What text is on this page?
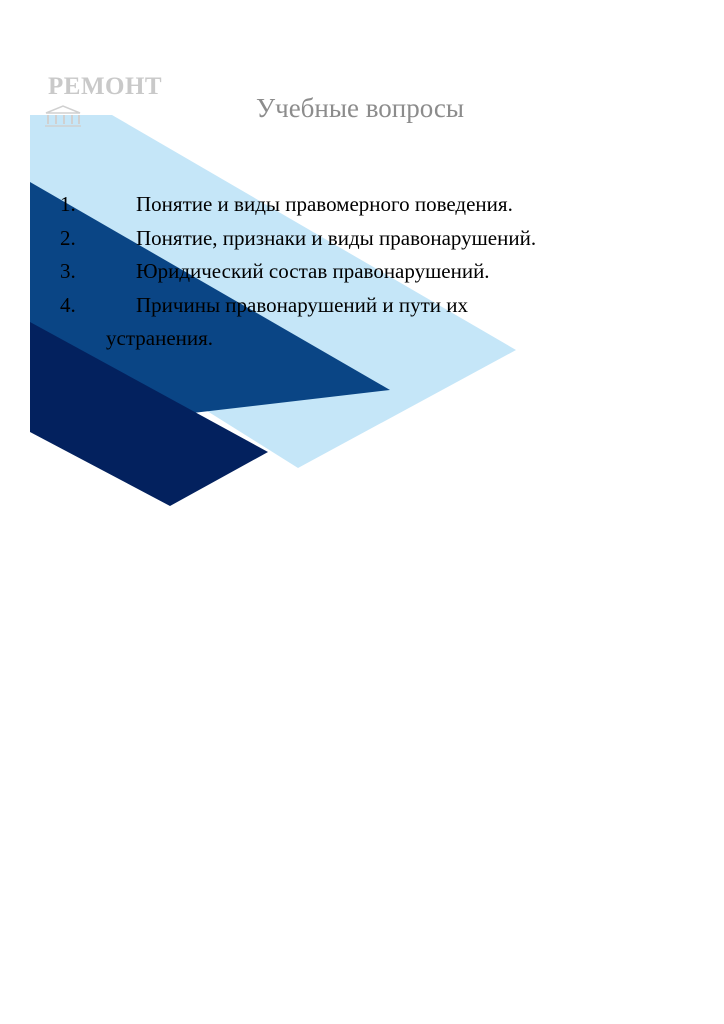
РЕМОНТ
Учебные вопросы
1.	Понятие и виды правомерного поведения.
2.	Понятие, признаки и виды правонарушений.
3.	Юридический состав правонарушений.
4.	Причины правонарушений и пути их
устранения.
